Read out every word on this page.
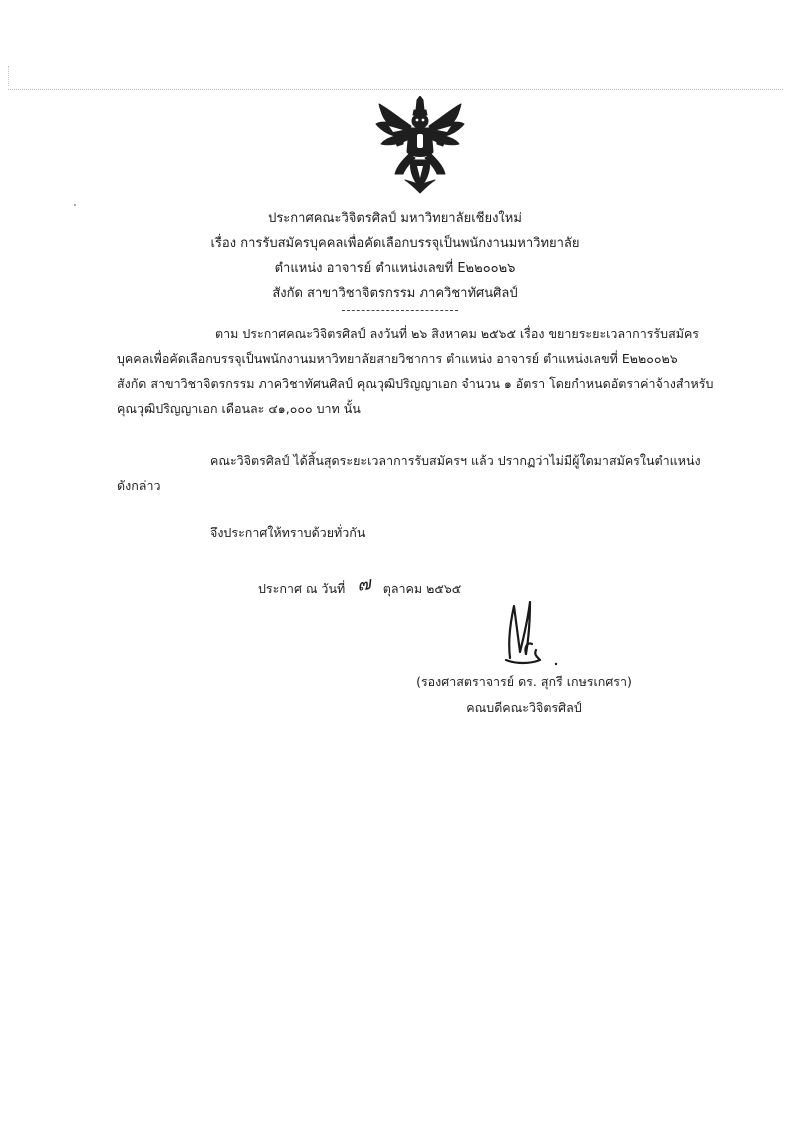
ประกาศคณะวิจิตรศิลป์ มหาวิทยาลัยเชียงใหม่
เรื่อง การรับสมัครบุคคลเพื่อคัดเลือกบรรจุเป็นพนักงานมหาวิทยาลัย
ตำแหน่ง อาจารย์ ตำแหน่งเลขที่ E๒๒๐๐๒๖
สังกัด สาขาวิชาจิตรกรรม ภาควิชาทัศนศิลป์
ตาม ประกาศคณะวิจิตรศิลป์ ลงวันที่ ๒๖ สิงหาคม ๒๕๖๕ เรื่อง ขยายระยะเวลาการรับสมัคร
บุคคลเพื่อคัดเลือกบรรจุเป็นพนักงานมหาวิทยาลัยสายวิชาการ ตำแหน่ง อาจารย์ ตำแหน่งเลขที่ E๒๒๐๐๒๖
สังกัด สาขาวิชาจิตรกรรม ภาควิชาทัศนศิลป์ คุณวุฒิปริญญาเอก จำนวน ๑ อัตรา โดยกำหนดอัตราค่าจ้างสำหรับ
คุณวุฒิปริญญาเอก เดือนละ ๔๑,๐๐๐ บาท นั้น
คณะวิจิตรศิลป์ ได้สิ้นสุดระยะเวลาการรับสมัครฯ แล้ว ปรากฏว่าไม่มีผู้ใดมาสมัครในตำแหน่ง
ดังกล่าว
จึงประกาศให้ทราบด้วยทั่วกัน
ประกาศ ณ วันที่ ๗ ตุลาคม ๒๕๖๕
(รองศาสตราจารย์ ดร. สุกรี เกษรเกศรา)
คณบดีคณะวิจิตรศิลป์
